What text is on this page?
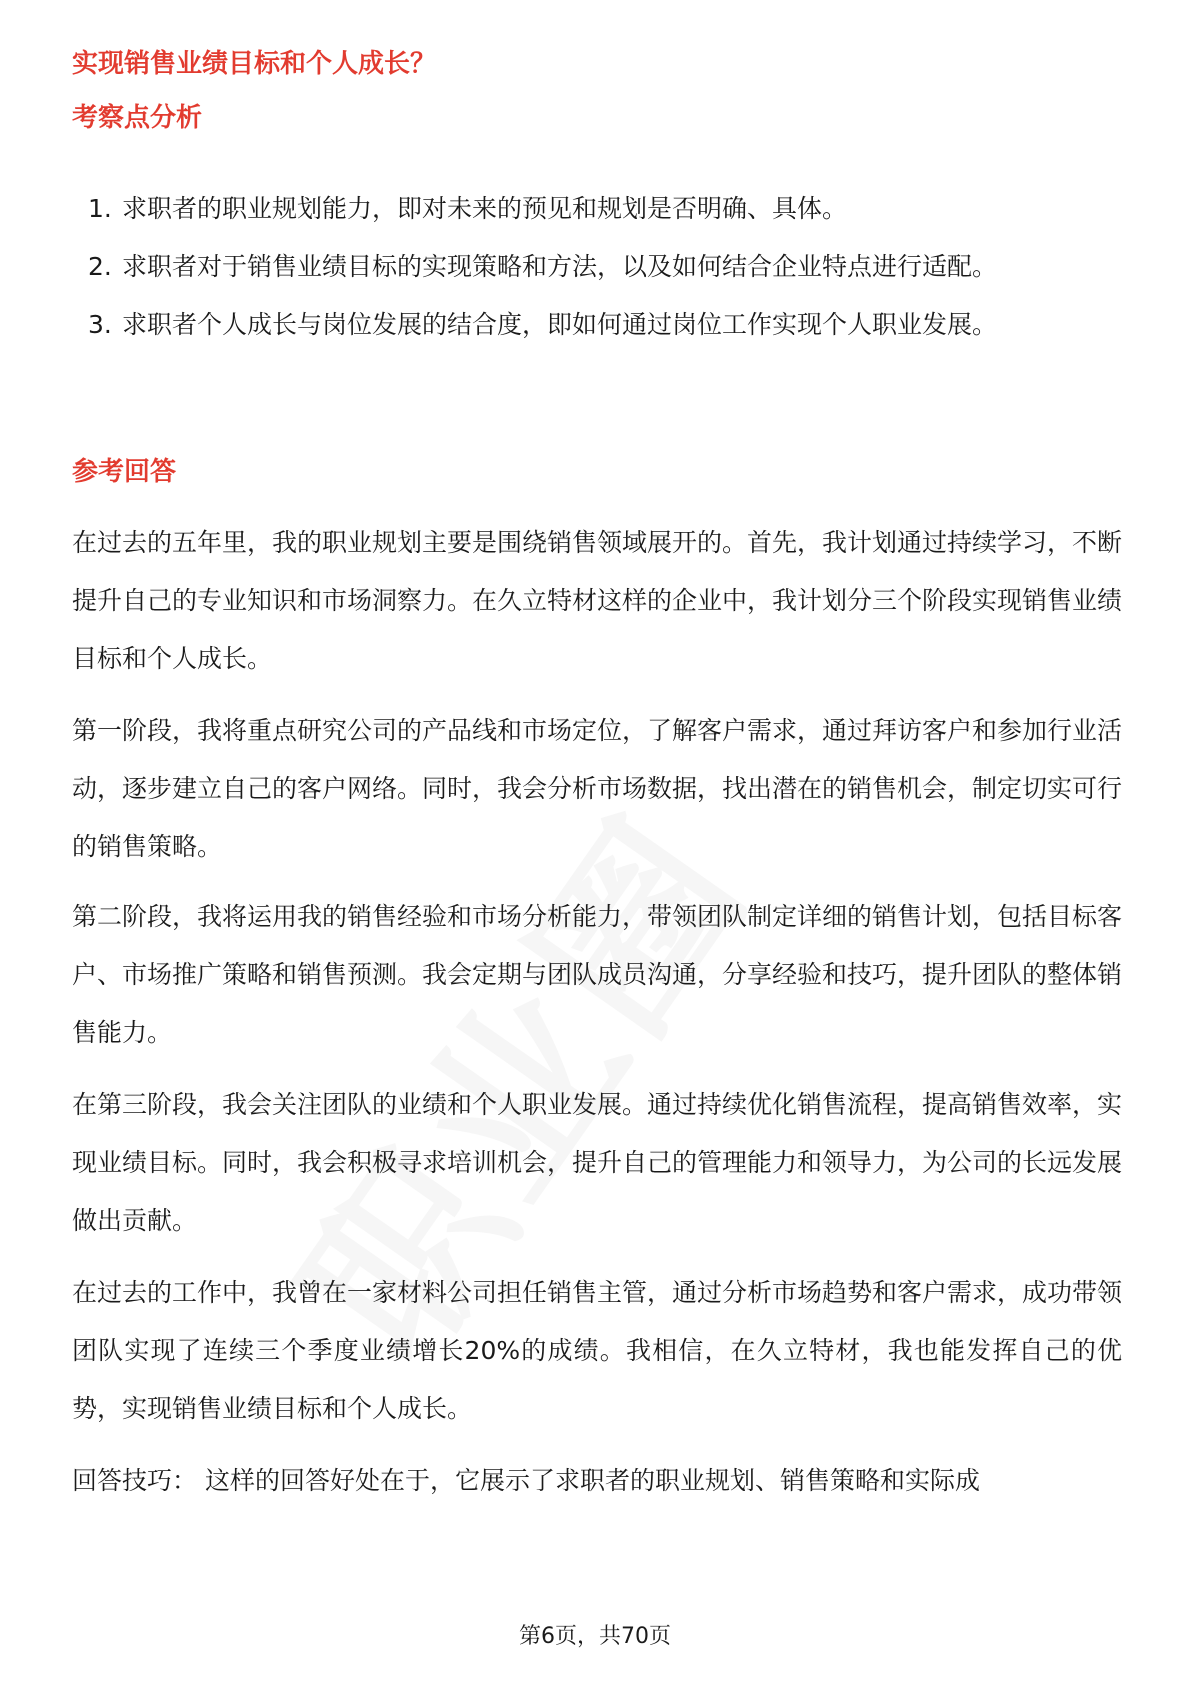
实现销售业绩目标和个人成长？
考察点分析
1. 求职者的职业规划能力，即对未来的预见和规划是否明确、具体。
2. 求职者对于销售业绩目标的实现策略和方法，以及如何结合企业特点进行适配。
3. 求职者个人成长与岗位发展的结合度，即如何通过岗位工作实现个人职业发展。
参考回答

在过去的五年里，我的职业规划主要是围绕销售领域展开的。首先，我计划通过持续学习，不断提升自己的专业知识和市场洞察力。在久立特材这样的企业中，我计划分三个阶段实现销售业绩目标和个人成长。

第一阶段，我将重点研究公司的产品线和市场定位，了解客户需求，通过拜访客户和参加行业活动，逐步建立自己的客户网络。同时，我会分析市场数据，找出潜在的销售机会，制定切实可行的销售策略。

第二阶段，我将运用我的销售经验和市场分析能力，带领团队制定详细的销售计划，包括目标客户、市场推广策略和销售预测。我会定期与团队成员沟通，分享经验和技巧，提升团队的整体销售能力。

在第三阶段，我会关注团队的业绩和个人职业发展。通过持续优化销售流程，提高销售效率，实现业绩目标。同时，我会积极寻求培训机会，提升自己的管理能力和领导力，为公司的长远发展做出贡献。

在过去的工作中，我曾在一家材料公司担任销售主管，通过分析市场趋势和客户需求，成功带领团队实现了连续三个季度业绩增长20%的成绩。我相信，在久立特材，我也能发挥自己的优势，实现销售业绩目标和个人成长。

回答技巧： 这样的回答好处在于，它展示了求职者的职业规划、销售策略和实际成

第6页，共70页
